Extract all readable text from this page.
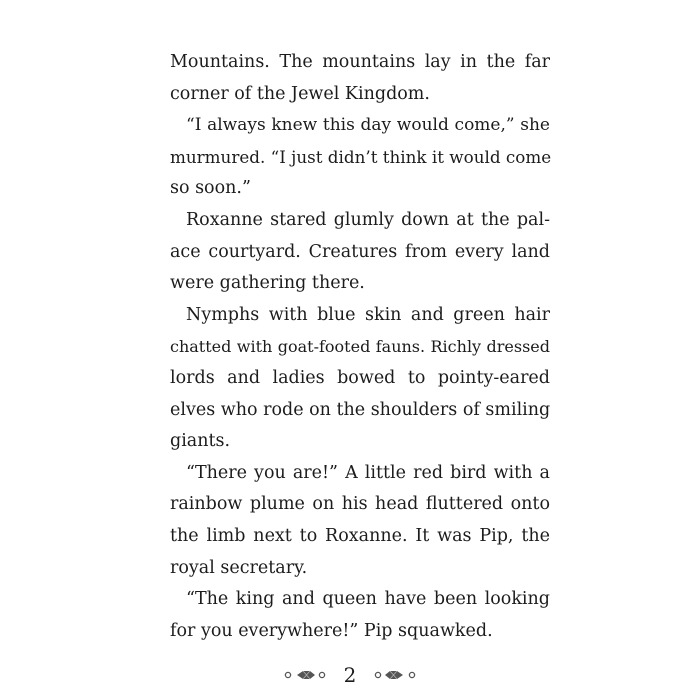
Mountains. The mountains lay in the far
corner of the Jewel Kingdom.
“I always knew this day would come,” she
murmured. “I just didn’t think it would come
so soon.”
Roxanne stared glumly down at the pal-
ace courtyard. Creatures from every land
were gathering there.
Nymphs with blue skin and green hair
chatted with goat-footed fauns. Richly dressed
lords and ladies bowed to pointy-eared
elves who rode on the shoulders of smiling
giants.
“There you are!” A little red bird with a
rainbow plume on his head fluttered onto
the limb next to Roxanne. It was Pip, the
royal secretary.
“The king and queen have been looking
for you everywhere!” Pip squawked.
2
